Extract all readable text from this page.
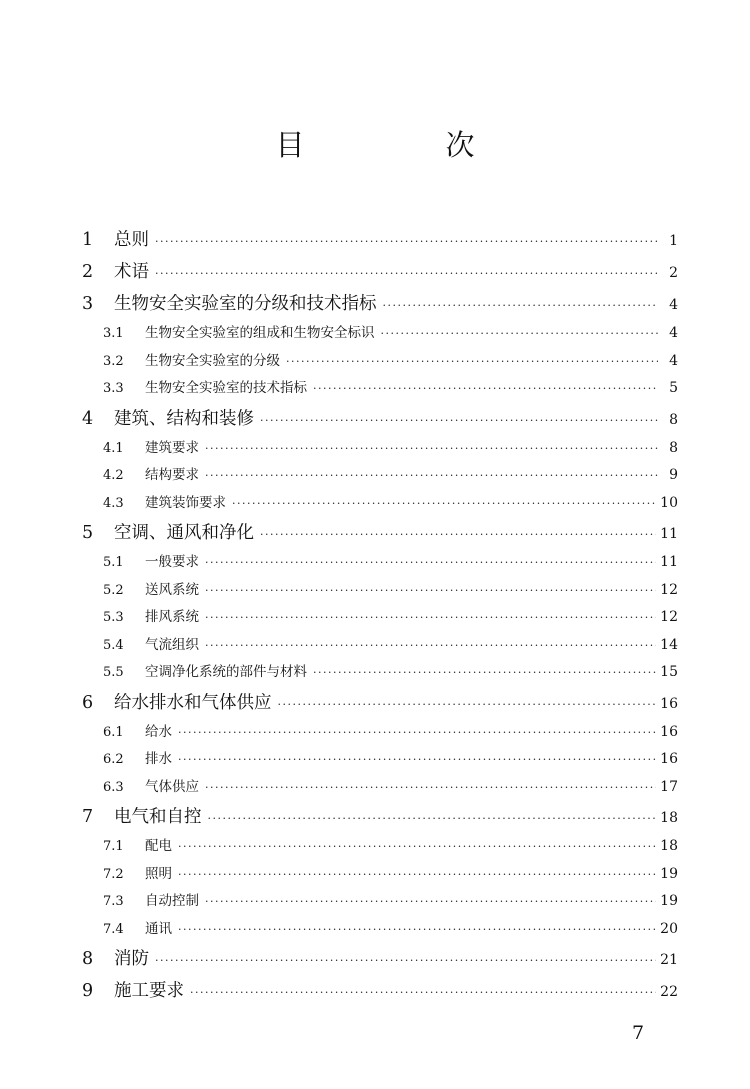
目　次
1	总则 ·····	1
2	术语 ·····	2
3	生物安全实验室的分级和技术指标 ·····	4
3.1	生物安全实验室的组成和生物安全标识 ·····	4
3.2	生物安全实验室的分级 ·····	4
3.3	生物安全实验室的技术指标 ·····	5
4	建筑、结构和装修 ·····	8
4.1	建筑要求 ·····	8
4.2	结构要求 ·····	9
4.3	建筑装饰要求 ·····	10
5	空调、通风和净化 ·····	11
5.1	一般要求 ·····	11
5.2	送风系统 ·····	12
5.3	排风系统 ·····	12
5.4	气流组织 ·····	14
5.5	空调净化系统的部件与材料 ·····	15
6	给水排水和气体供应 ·····	16
6.1	给水 ·····	16
6.2	排水 ·····	16
6.3	气体供应 ·····	17
7	电气和自控 ·····	18
7.1	配电 ·····	18
7.2	照明 ·····	19
7.3	自动控制 ·····	19
7.4	通讯 ·····	20
8	消防 ·····	21
9	施工要求 ·····	22
7
